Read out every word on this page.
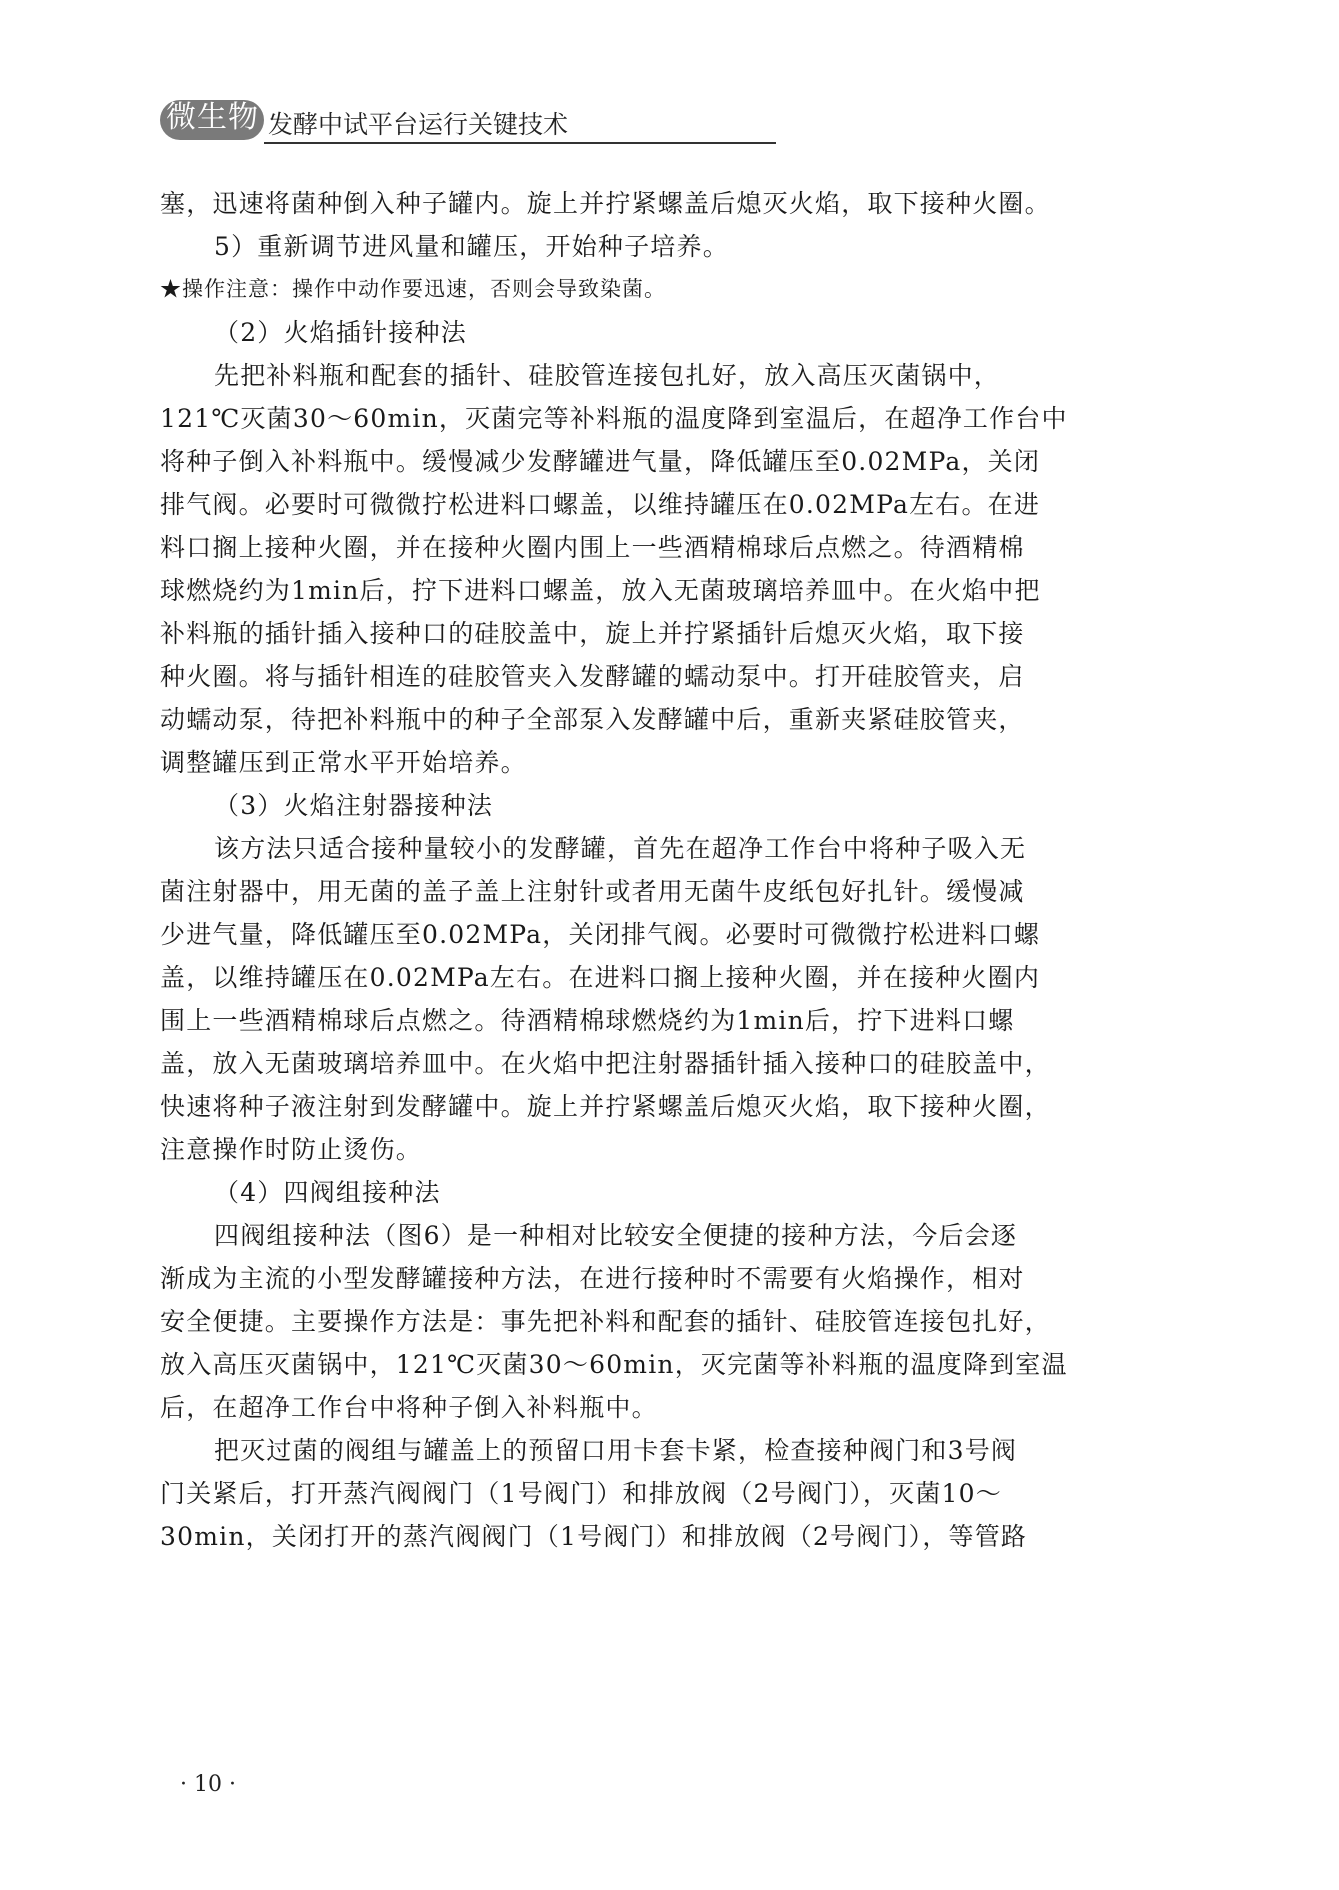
微生物 发酵中试平台运行关键技术
塞，迅速将菌种倒入种子罐内。旋上并拧紧螺盖后熄灭火焰，取下接种火圈。
5）重新调节进风量和罐压，开始种子培养。
★操作注意：操作中动作要迅速，否则会导致染菌。
（2）火焰插针接种法
先把补料瓶和配套的插针、硅胶管连接包扎好，放入高压灭菌锅中，
121℃灭菌30～60min，灭菌完等补料瓶的温度降到室温后，在超净工作台中
将种子倒入补料瓶中。缓慢减少发酵罐进气量，降低罐压至0.02MPa，关闭
排气阀。必要时可微微拧松进料口螺盖，以维持罐压在0.02MPa左右。在进
料口搁上接种火圈，并在接种火圈内围上一些酒精棉球后点燃之。待酒精棉
球燃烧约为1min后，拧下进料口螺盖，放入无菌玻璃培养皿中。在火焰中把
补料瓶的插针插入接种口的硅胶盖中，旋上并拧紧插针后熄灭火焰，取下接
种火圈。将与插针相连的硅胶管夹入发酵罐的蠕动泵中。打开硅胶管夹，启
动蠕动泵，待把补料瓶中的种子全部泵入发酵罐中后，重新夹紧硅胶管夹，
调整罐压到正常水平开始培养。
（3）火焰注射器接种法
该方法只适合接种量较小的发酵罐，首先在超净工作台中将种子吸入无
菌注射器中，用无菌的盖子盖上注射针或者用无菌牛皮纸包好扎针。缓慢减
少进气量，降低罐压至0.02MPa，关闭排气阀。必要时可微微拧松进料口螺
盖，以维持罐压在0.02MPa左右。在进料口搁上接种火圈，并在接种火圈内
围上一些酒精棉球后点燃之。待酒精棉球燃烧约为1min后，拧下进料口螺
盖，放入无菌玻璃培养皿中。在火焰中把注射器插针插入接种口的硅胶盖中，
快速将种子液注射到发酵罐中。旋上并拧紧螺盖后熄灭火焰，取下接种火圈，
注意操作时防止烫伤。
（4）四阀组接种法
四阀组接种法（图6）是一种相对比较安全便捷的接种方法，今后会逐
渐成为主流的小型发酵罐接种方法，在进行接种时不需要有火焰操作，相对
安全便捷。主要操作方法是：事先把补料和配套的插针、硅胶管连接包扎好，
放入高压灭菌锅中，121℃灭菌30～60min，灭完菌等补料瓶的温度降到室温
后，在超净工作台中将种子倒入补料瓶中。
把灭过菌的阀组与罐盖上的预留口用卡套卡紧，检查接种阀门和3号阀
门关紧后，打开蒸汽阀阀门（1号阀门）和排放阀（2号阀门），灭菌10～
30min，关闭打开的蒸汽阀阀门（1号阀门）和排放阀（2号阀门），等管路
· 10 ·
